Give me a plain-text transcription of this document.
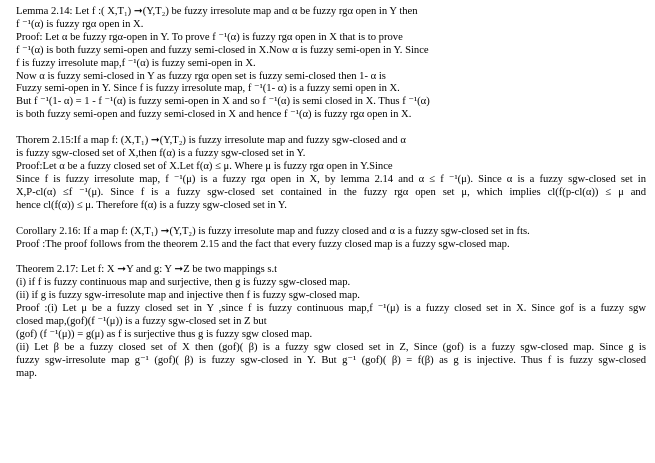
Lemma 2.14: Let f :( X,T₁) ➞(Y,T₂) be fuzzy irresolute map and α be fuzzy rgα open in Y then
f ⁻¹(α) is fuzzy rgα open in X.
Proof: Let α be fuzzy rgα-open in Y. To prove f ⁻¹(α) is fuzzy rgα open in X that is to prove
f ⁻¹(α) is both fuzzy semi-open and fuzzy semi-closed in X.Now α is fuzzy semi-open in Y. Since
f is fuzzy irresolute map,f ⁻¹(α) is fuzzy semi-open in X.
Now α is fuzzy semi-closed in Y as fuzzy rgα open set is fuzzy semi-closed then 1- α is
Fuzzy semi-open in Y. Since f is fuzzy irresolute map, f ⁻¹(1- α) is a fuzzy semi open in X.
But f ⁻¹(1- α) = 1 - f ⁻¹(α) is fuzzy semi-open in X and so f ⁻¹(α) is semi closed in X. Thus f ⁻¹(α)
is both fuzzy semi-open and fuzzy semi-closed in X and hence f ⁻¹(α) is fuzzy rgα open in X.
Thorem 2.15:If a map f: (X,T₁) ➞(Y,T₂) is fuzzy irresolute map and fuzzy sgw-closed and α
is fuzzy sgw-closed set of X,then f(α) is a fuzzy sgw-closed set in Y.
Proof:Let α be a fuzzy closed set of X.Let f(α) ≤ μ. Where μ is fuzzy rgα open in Y.Since
Since f is fuzzy irresolute map, f ⁻¹(μ) is a fuzzy rgα open in X, by lemma 2.14 and α ≤ f ⁻¹(μ). Since α is a fuzzy sgw-closed set in
X,P-cl(α) ≤f ⁻¹(μ). Since f is a fuzzy sgw-closed set contained in the fuzzy rgα open set μ, which implies cl(f(p-cl(α)) ≤ μ and
hence cl(f(α)) ≤ μ. Therefore f(α) is a fuzzy sgw-closed set in Y.
Corollary 2.16: If a map f: (X,T₁) ➞(Y,T₂) is fuzzy irresolute map and fuzzy closed and α is a fuzzy sgw-closed set in fts.
Proof :The proof follows from the theorem 2.15 and the fact that every fuzzy closed map is a fuzzy sgw-closed map.
Theorem 2.17: Let f: X ➞Y and g: Y ➞Z be two mappings s.t
(i) if f is fuzzy continuous map and surjective, then g is fuzzy sgw-closed map.
(ii) if g is fuzzy sgw-irresolute map and injective then f is fuzzy sgw-closed map.
Proof :(i) Let μ be a fuzzy closed set in Y ,since f is fuzzy continuous map,f ⁻¹(μ) is a fuzzy closed set in X. Since gof is a fuzzy sgw
closed map,(gof)(f ⁻¹(μ)) is a fuzzy sgw-closed set in Z but
(gof) (f ⁻¹(μ)) = g(μ) as f is surjective thus g is fuzzy sgw closed map.
(ii) Let β be a fuzzy closed set of X then (gof)( β) is a fuzzy sgw closed set in Z, Since (gof) is a fuzzy sgw-closed map. Since g is
fuzzy sgw-irresolute map g⁻¹ (gof)( β) is fuzzy sgw-closed in Y. But g⁻¹ (gof)( β) = f(β) as g is injective. Thus f is fuzzy sgw-closed
map.
